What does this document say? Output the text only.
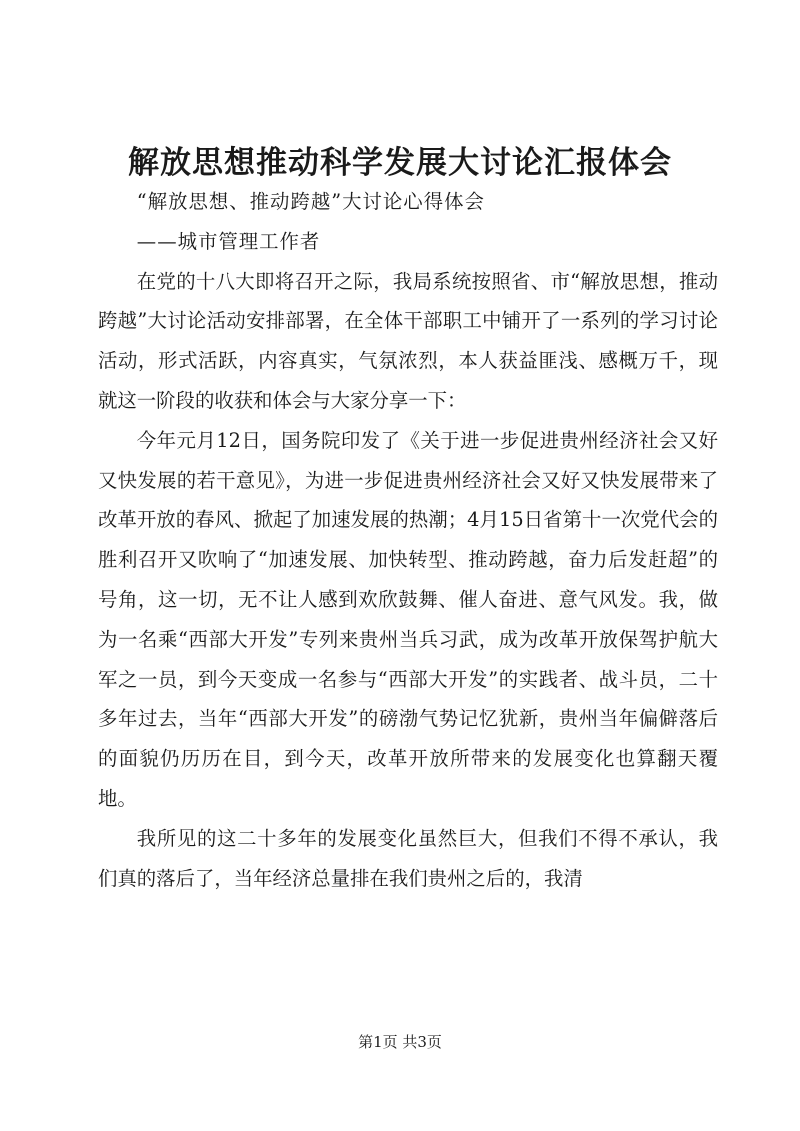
解放思想推动科学发展大讨论汇报体会

“解放思想、推动跨越”大讨论心得体会

——城市管理工作者

在党的十八大即将召开之际，我局系统按照省、市“解放思想，推动跨越”大讨论活动安排部署，在全体干部职工中铺开了一系列的学习讨论活动，形式活跃，内容真实，气氛浓烈，本人获益匪浅、感概万千，现就这一阶段的收获和体会与大家分享一下：

今年元月12日，国务院印发了《关于进一步促进贵州经济社会又好又快发展的若干意见》，为进一步促进贵州经济社会又好又快发展带来了改革开放的春风、掀起了加速发展的热潮；4月15日省第十一次党代会的胜利召开又吹响了“加速发展、加快转型、推动跨越，奋力后发赶超”的号角，这一切，无不让人感到欢欣鼓舞、催人奋进、意气风发。我，做为一名乘“西部大开发”专列来贵州当兵习武，成为改革开放保驾护航大军之一员，到今天变成一名参与“西部大开发”的实践者、战斗员，二十多年过去，当年“西部大开发”的磅渤气势记忆犹新，贵州当年偏僻落后的面貌仍历历在目，到今天，改革开放所带来的发展变化也算翻天覆地。

我所见的这二十多年的发展变化虽然巨大，但我们不得不承认，我们真的落后了，当年经济总量排在我们贵州之后的，我清

第1页 共3页
